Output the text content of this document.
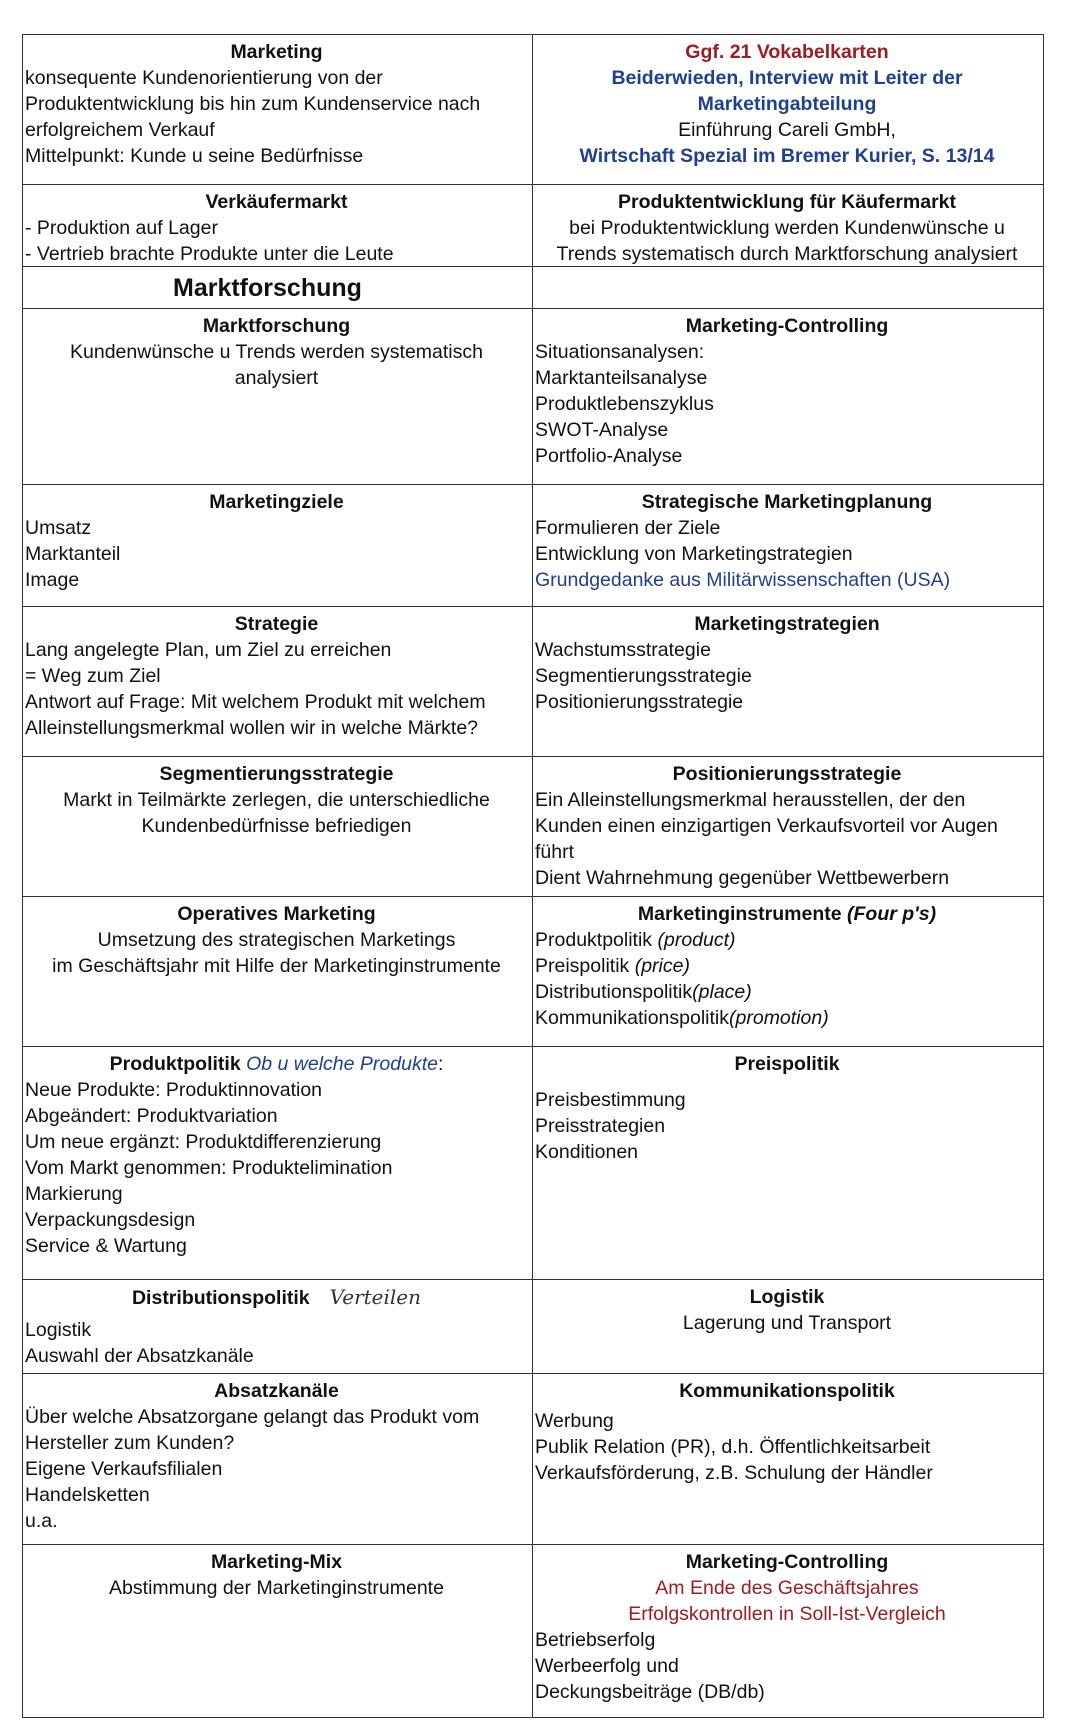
Marketing
konsequente Kundenorientierung von der
Produktentwicklung bis hin zum Kundenservice nach
erfolgreichem Verkauf
Mittelpunkt: Kunde u seine Bedürfnisse
Ggf. 21 Vokabelkarten
Beiderwieden, Interview mit Leiter der
Marketingabteilung
Einführung Careli GmbH,
Wirtschaft Spezial im Bremer Kurier, S. 13/14
Verkäufermarkt
- Produktion auf Lager
- Vertrieb brachte Produkte unter die Leute
Produktentwicklung für Käufermarkt
bei Produktentwicklung werden Kundenwünsche u
Trends systematisch durch Marktforschung analysiert
Marktforschung
Marktforschung
Kundenwünsche u Trends werden systematisch
analysiert
Marketing-Controlling
Situationsanalysen:
Marktanteilsanalyse
Produktlebenszyklus
SWOT-Analyse
Portfolio-Analyse
Marketingziele
Umsatz
Marktanteil
Image
Strategische Marketingplanung
Formulieren der Ziele
Entwicklung von Marketingstrategien
Grundgedanke aus Militärwissenschaften (USA)
Strategie
Lang angelegte Plan, um Ziel zu erreichen
= Weg zum Ziel
Antwort auf Frage: Mit welchem Produkt mit welchem
Alleinstellungsmerkmal wollen wir in welche Märkte?
Marketingstrategien
Wachstumsstrategie
Segmentierungsstrategie
Positionierungsstrategie
Segmentierungsstrategie
Markt in Teilmärkte zerlegen, die unterschiedliche
Kundenbedürfnisse befriedigen
Positionierungsstrategie
Ein Alleinstellungsmerkmal herausstellen, der den
Kunden einen einzigartigen Verkaufsvorteil vor Augen
führt
Dient Wahrnehmung gegenüber Wettbewerbern
Operatives Marketing
Umsetzung des strategischen Marketings
im Geschäftsjahr mit Hilfe der Marketinginstrumente
Marketinginstrumente (Four p's)
Produktpolitik (product)
Preispolitik (price)
Distributionspolitik(place)
Kommunikationspolitik(promotion)
Produktpolitik Ob u welche Produkte:
Neue Produkte: Produktinnovation
Abgeändert: Produktvariation
Um neue ergänzt: Produktdifferenzierung
Vom Markt genommen: Produktelimination
Markierung
Verpackungsdesign
Service & Wartung
Preispolitik
Preisbestimmung
Preisstrategien
Konditionen
Distributionspolitik Verteilen
Logistik
Auswahl der Absatzkanäle
Logistik
Lagerung und Transport
Absatzkanäle
Über welche Absatzorgane gelangt das Produkt vom
Hersteller zum Kunden?
Eigene Verkaufsfilialen
Handelsketten
u.a.
Kommunikationspolitik
Werbung
Publik Relation (PR), d.h. Öffentlichkeitsarbeit
Verkaufsförderung, z.B. Schulung der Händler
Marketing-Mix
Abstimmung der Marketinginstrumente
Marketing-Controlling
Am Ende des Geschäftsjahres
Erfolgskontrollen in Soll-Ist-Vergleich
Betriebserfolg
Werbeerfolg und
Deckungsbeiträge (DB/db)
